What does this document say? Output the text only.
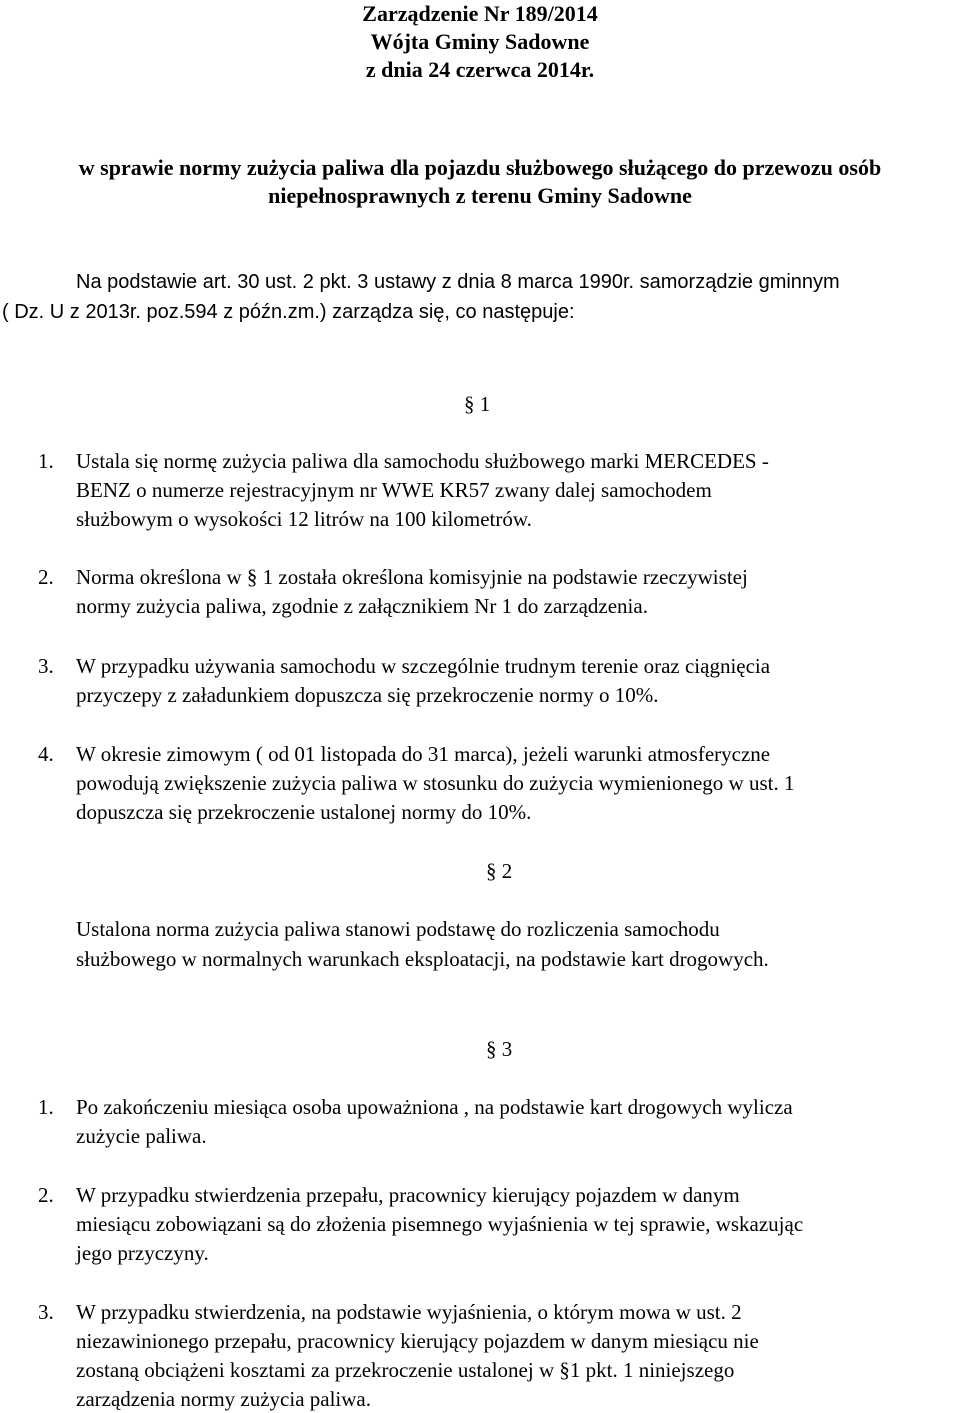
Zarządzenie Nr 189/2014
Wójta Gminy Sadowne
z dnia 24 czerwca 2014r.
w sprawie normy zużycia paliwa dla pojazdu służbowego służącego do przewozu osób
niepełnosprawnych z terenu Gminy Sadowne
Na podstawie art. 30 ust. 2 pkt. 3 ustawy z dnia 8 marca 1990r. samorządzie gminnym
( Dz. U z 2013r. poz.594 z późn.zm.) zarządza się, co następuje:
§ 1
1. Ustala się normę zużycia paliwa dla samochodu służbowego marki MERCEDES -
BENZ o numerze rejestracyjnym nr WWE KR57 zwany dalej samochodem
służbowym o wysokości 12 litrów na 100 kilometrów.
2. Norma określona w § 1 została określona komisyjnie na podstawie rzeczywistej
normy zużycia paliwa, zgodnie z załącznikiem Nr 1 do zarządzenia.
3. W przypadku używania samochodu w szczególnie trudnym terenie oraz ciągnięcia
przyczepy z załadunkiem dopuszcza się przekroczenie normy o 10%.
4. W okresie zimowym ( od 01 listopada do 31 marca), jeżeli warunki atmosferyczne
powodują zwiększenie zużycia paliwa w stosunku do zużycia wymienionego w ust. 1
dopuszcza się przekroczenie ustalonej normy do 10%.
§ 2
Ustalona norma zużycia paliwa stanowi podstawę do rozliczenia samochodu
służbowego w normalnych warunkach eksploatacji, na podstawie kart drogowych.
§ 3
1. Po zakończeniu miesiąca osoba upoważniona , na podstawie kart drogowych wylicza
zużycie paliwa.
2. W przypadku stwierdzenia przepału, pracownicy kierujący pojazdem w danym
miesiącu zobowiązani są do złożenia pisemnego wyjaśnienia w tej sprawie, wskazując
jego przyczyny.
3. W przypadku stwierdzenia, na podstawie wyjaśnienia, o którym mowa w ust. 2
niezawinionego przepału, pracownicy kierujący pojazdem w danym miesiącu nie
zostaną obciążeni kosztami za przekroczenie ustalonej w §1 pkt. 1 niniejszego
zarządzenia normy zużycia paliwa.
